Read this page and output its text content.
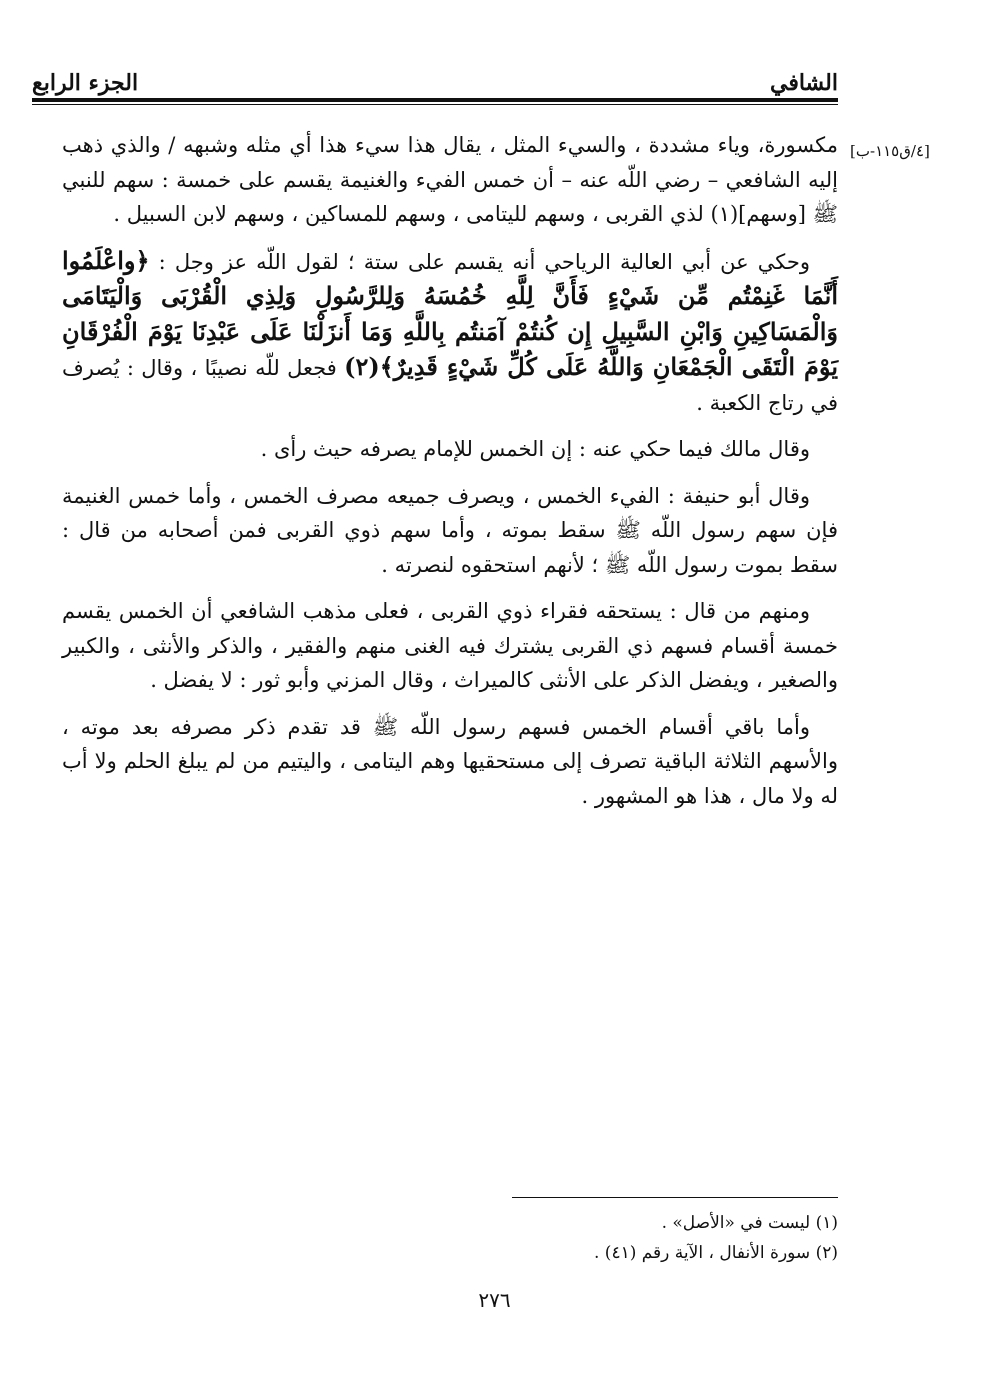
الشافي
الجزء الرابع
[٤/ق١١٥-ب]

مكسورة، وياء مشددة ، والسيء المثل ، يقال هذا سيء هذا أي مثله وشبهه / والذي ذهب إليه الشافعي – رضي اللّه عنه – أن خمس الفيء والغنيمة يقسم على خمسة : سهم للنبي ﷺ [وسهم](١) لذي القربى ، وسهم لليتامى ، وسهم للمساكين ، وسهم لابن السبيل .

وحكي عن أبي العالية الرياحي أنه يقسم على ستة ؛ لقول اللّه عز وجل : ﴿واعْلَمُوا أَنَّمَا غَنِمْتُم مِّن شَيْءٍ فَأَنَّ لِلَّهِ خُمُسَهُ وَلِلرَّسُولِ وَلِذِي الْقُرْبَى وَالْيَتَامَى وَالْمَسَاكِينِ وَابْنِ السَّبِيلِ إِن كُنتُمْ آمَنتُم بِاللَّهِ وَمَا أَنزَلْنَا عَلَى عَبْدِنَا يَوْمَ الْفُرْقَانِ يَوْمَ الْتَقَى الْجَمْعَانِ وَاللَّهُ عَلَى كُلِّ شَيْءٍ قَدِيرٌ﴾(٢) فجعل للّه نصيبًا ، وقال : يُصرف في رتاج الكعبة .

وقال مالك فيما حكي عنه : إن الخمس للإمام يصرفه حيث رأى .

وقال أبو حنيفة : الفيء الخمس ، ويصرف جميعه مصرف الخمس ، وأما خمس الغنيمة فإن سهم رسول اللّه ﷺ سقط بموته ، وأما سهم ذوي القربى فمن أصحابه من قال : سقط بموت رسول اللّه ﷺ ؛ لأنهم استحقوه لنصرته .

ومنهم من قال : يستحقه فقراء ذوي القربى ، فعلى مذهب الشافعي أن الخمس يقسم خمسة أقسام فسهم ذي القربى يشترك فيه الغنى منهم والفقير ، والذكر والأنثى ، والكبير والصغير ، ويفضل الذكر على الأنثى كالميراث ، وقال المزني وأبو ثور : لا يفضل .

وأما باقي أقسام الخمس فسهم رسول اللّه ﷺ قد تقدم ذكر مصرفه بعد موته ، والأسهم الثلاثة الباقية تصرف إلى مستحقيها وهم اليتامى ، واليتيم من لم يبلغ الحلم ولا أب له ولا مال ، هذا هو المشهور .

(١) ليست في «الأصل» .
(٢) سورة الأنفال ، الآية رقم (٤١) .
٢٧٦
